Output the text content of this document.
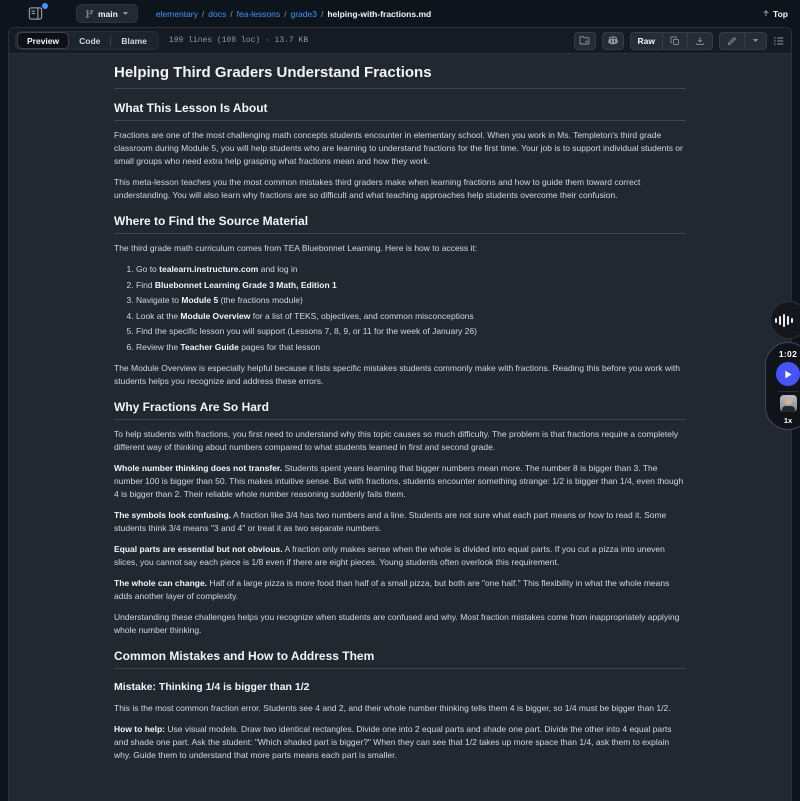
main	elementary / docs / fea-lessons / grade3 / helping-with-fractions.md	Top
Preview	Code	Blame	199 lines (108 loc) · 13.7 KB	Raw
Helping Third Graders Understand Fractions
What This Lesson Is About

Fractions are one of the most challenging math concepts students encounter in elementary school. When you work in Ms. Templeton's third grade classroom during Module 5, you will help students who are learning to understand fractions for the first time. Your job is to support individual students or small groups who need extra help grasping what fractions mean and how they work.

This meta-lesson teaches you the most common mistakes third graders make when learning fractions and how to guide them toward correct understanding. You will also learn why fractions are so difficult and what teaching approaches help students overcome their confusion.

Where to Find the Source Material

The third grade math curriculum comes from TEA Bluebonnet Learning. Here is how to access it:

1. Go to tealearn.instructure.com and log in
2. Find Bluebonnet Learning Grade 3 Math, Edition 1
3. Navigate to Module 5 (the fractions module)
4. Look at the Module Overview for a list of TEKS, objectives, and common misconceptions
5. Find the specific lesson you will support (Lessons 7, 8, 9, or 11 for the week of January 26)
6. Review the Teacher Guide pages for that lesson

The Module Overview is especially helpful because it lists specific mistakes students commonly make with fractions. Reading this before you work with students helps you recognize and address these errors.

Why Fractions Are So Hard

To help students with fractions, you first need to understand why this topic causes so much difficulty. The problem is that fractions require a completely different way of thinking about numbers compared to what students learned in first and second grade.

Whole number thinking does not transfer. Students spent years learning that bigger numbers mean more. The number 8 is bigger than 3. The number 100 is bigger than 50. This makes intuitive sense. But with fractions, students encounter something strange: 1/2 is bigger than 1/4, even though 4 is bigger than 2. Their reliable whole number reasoning suddenly fails them.

The symbols look confusing. A fraction like 3/4 has two numbers and a line. Students are not sure what each part means or how to read it. Some students think 3/4 means "3 and 4" or treat it as two separate numbers.

Equal parts are essential but not obvious. A fraction only makes sense when the whole is divided into equal parts. If you cut a pizza into uneven slices, you cannot say each piece is 1/8 even if there are eight pieces. Young students often overlook this requirement.

The whole can change. Half of a large pizza is more food than half of a small pizza, but both are "one half." This flexibility in what the whole means adds another layer of complexity.

Understanding these challenges helps you recognize when students are confused and why. Most fraction mistakes come from inappropriately applying whole number thinking.

Common Mistakes and How to Address Them
Mistake: Thinking 1/4 is bigger than 1/2

This is the most common fraction error. Students see 4 and 2, and their whole number thinking tells them 4 is bigger, so 1/4 must be bigger than 1/2.

How to help: Use visual models. Draw two identical rectangles. Divide one into 2 equal parts and shade one part. Divide the other into 4 equal parts and shade one part. Ask the student: "Which shaded part is bigger?" When they can see that 1/2 takes up more space than 1/4, ask them to explain why. Guide them to understand that more parts means each part is smaller.

1:02
1x
